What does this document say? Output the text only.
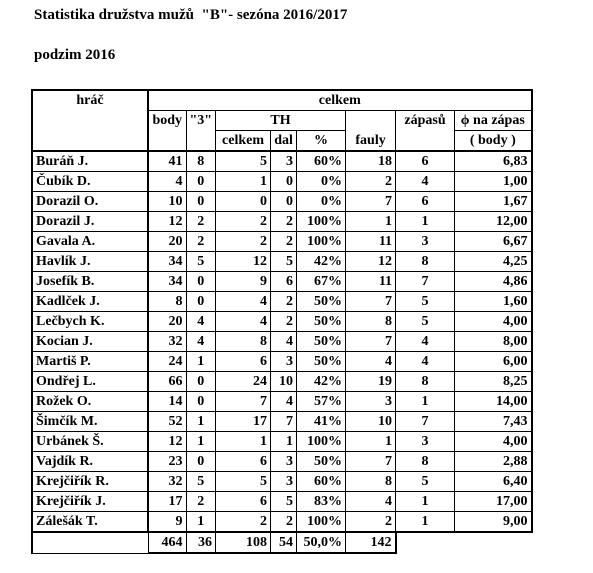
Statistika družstva mužů  "B"- sezóna 2016/2017
podzim 2016
hráč	celkem							
	body	"3"	TH				zápasů	ϕ na zápas
			celkem	dal	%	fauly		( body )
Buráň J.	41	8	5	3	60%	18	6	6,83
Čubík D.	4	0	1	0	0%	2	4	1,00
Dorazil O.	10	0	0	0	0%	7	6	1,67
Dorazil J.	12	2	2	2	100%	1	1	12,00
Gavala A.	20	2	2	2	100%	11	3	6,67
Havlík J.	34	5	12	5	42%	12	8	4,25
Josefík B.	34	0	9	6	67%	11	7	4,86
Kadlček J.	8	0	4	2	50%	7	5	1,60
Lečbych K.	20	4	4	2	50%	8	5	4,00
Kocian J.	32	4	8	4	50%	7	4	8,00
Martiš P.	24	1	6	3	50%	4	4	6,00
Ondřej L.	66	0	24	10	42%	19	8	8,25
Rožek O.	14	0	7	4	57%	3	1	14,00
Šimčík M.	52	1	17	7	41%	10	7	7,43
Urbánek Š.	12	1	1	1	100%	1	3	4,00
Vajdík R.	23	0	6	3	50%	7	8	2,88
Krejčiřík R.	32	5	5	3	60%	8	5	6,40
Krejčiřík J.	17	2	6	5	83%	4	1	17,00
Zálešák T.	9	1	2	2	100%	2	1	9,00
	464	36	108	54	50,0%	142		
